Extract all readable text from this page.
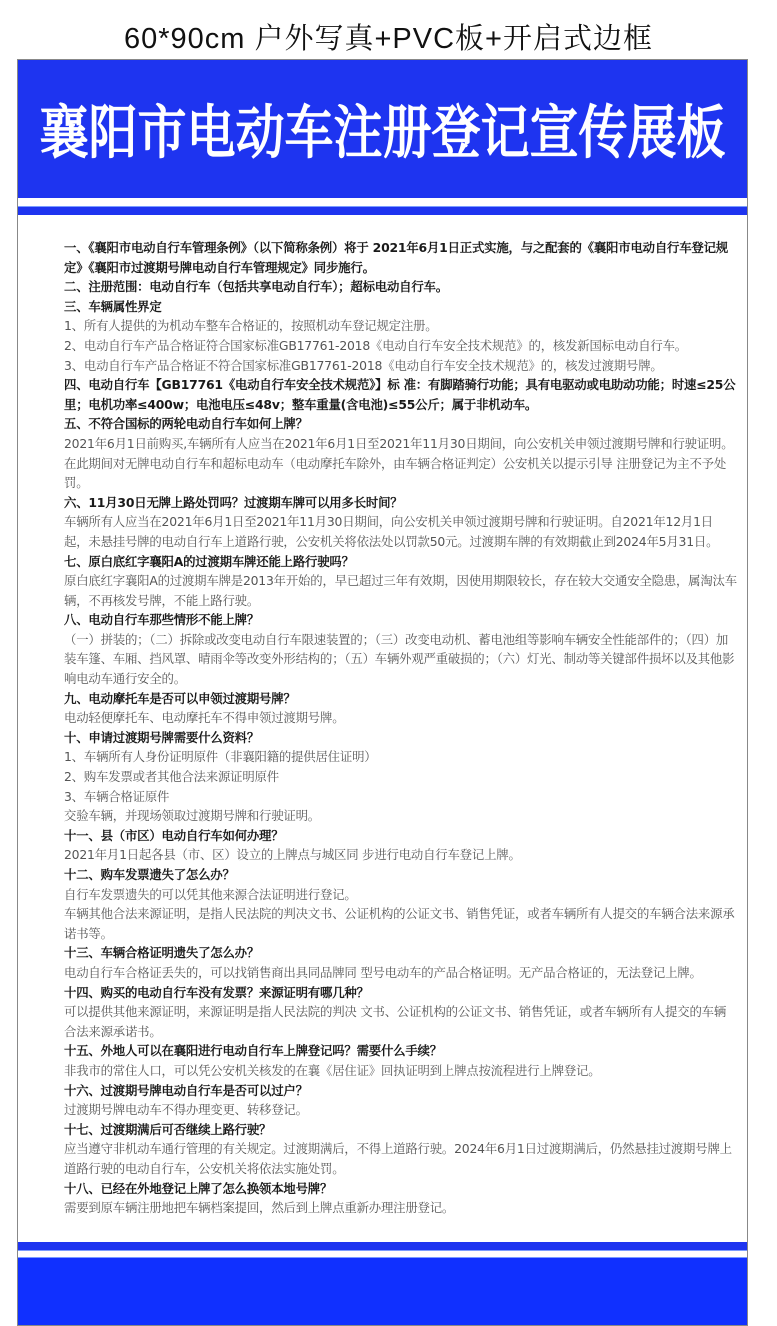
60*90cm 户外写真+PVC板+开启式边框
襄阳市电动车注册登记宣传展板

一、《襄阳市电动自行车管理条例》（以下简称条例）将于 2021年6月1日正式实施，与之配套的《襄阳市电动自行车登记规定》《襄阳市过渡期号牌电动自行车管理规定》同步施行。

二、注册范围：电动自行车（包括共享电动自行车）；超标电动自行车。

三、车辆属性界定

1、所有人提供的为机动车整车合格证的，按照机动车登记规定注册。

2、电动自行车产品合格证符合国家标准GB17761-2018《电动自行车安全技术规范》的，核发新国标电动自行车。

3、电动自行车产品合格证不符合国家标准GB17761-2018《电动自行车安全技术规范》的，核发过渡期号牌。

四、电动自行车【GB17761《电动自行车安全技术规范》】标 准：有脚踏骑行功能；具有电驱动或电助动功能；时速≤25公里；电机功率≤400w；电池电压≤48v；整车重量(含电池)≤55公斤；属于非机动车。

五、不符合国标的两轮电动自行车如何上牌？

2021年6月1日前购买,车辆所有人应当在2021年6月1日至2021年11月30日期间，向公安机关申领过渡期号牌和行驶证明。在此期间对无牌电动自行车和超标电动车（电动摩托车除外，由车辆合格证判定）公安机关以提示引导 注册登记为主不予处罚。

六、11月30日无牌上路处罚吗？过渡期车牌可以用多长时间？

车辆所有人应当在2021年6月1日至2021年11月30日期间，向公安机关申领过渡期号牌和行驶证明。自2021年12月1日起，未悬挂号牌的电动自行车上道路行驶，公安机关将依法处以罚款50元。过渡期车牌的有效期截止到2024年5月31日。

七、原白底红字襄阳A的过渡期车牌还能上路行驶吗？

原白底红字襄阳A的过渡期车牌是2013年开始的，早已超过三年有效期，因使用期限较长，存在较大交通安全隐患，属淘汰车辆，不再核发号牌，不能上路行驶。

八、电动自行车那些情形不能上牌？

（一）拼装的；（二）拆除或改变电动自行车限速装置的；（三）改变电动机、蓄电池组等影响车辆安全性能部件的；（四）加装车篷、车厢、挡风罩、晴雨伞等改变外形结构的；（五）车辆外观严重破损的；（六）灯光、制动等关键部件损坏以及其他影响电动车通行安全的。

九、电动摩托车是否可以申领过渡期号牌？

电动轻便摩托车、电动摩托车不得申领过渡期号牌。

十、申请过渡期号牌需要什么资料？

1、车辆所有人身份证明原件（非襄阳籍的提供居住证明）

2、购车发票或者其他合法来源证明原件

3、车辆合格证原件

交验车辆，并现场领取过渡期号牌和行驶证明。

十一、县（市区）电动自行车如何办理？

2021年月1日起各县（市、区）设立的上牌点与城区同 步进行电动自行车登记上牌。

十二、购车发票遗失了怎么办？

自行车发票遗失的可以凭其他来源合法证明进行登记。

车辆其他合法来源证明，是指人民法院的判决文书、公证机构的公证文书、销售凭证，或者车辆所有人提交的车辆合法来源承诺书等。

十三、车辆合格证明遗失了怎么办？

电动自行车合格证丢失的，可以找销售商出具同品牌同 型号电动车的产品合格证明。无产品合格证的，无法登记上牌。

十四、购买的电动自行车没有发票？来源证明有哪几种？

可以提供其他来源证明，来源证明是指人民法院的判决 文书、公证机构的公证文书、销售凭证，或者车辆所有人提交的车辆合法来源承诺书。

十五、外地人可以在襄阳进行电动自行车上牌登记吗？需要什么手续？

非我市的常住人口，可以凭公安机关核发的在襄《居住证》回执证明到上牌点按流程进行上牌登记。

十六、过渡期号牌电动自行车是否可以过户？

过渡期号牌电动车不得办理变更、转移登记。

十七、过渡期满后可否继续上路行驶？

应当遵守非机动车通行管理的有关规定。过渡期满后，不得上道路行驶。2024年6月1日过渡期满后，仍然悬挂过渡期号牌上道路行驶的电动自行车，公安机关将依法实施处罚。

十八、已经在外地登记上牌了怎么换领本地号牌？

需要到原车辆注册地把车辆档案提回，然后到上牌点重新办理注册登记。
